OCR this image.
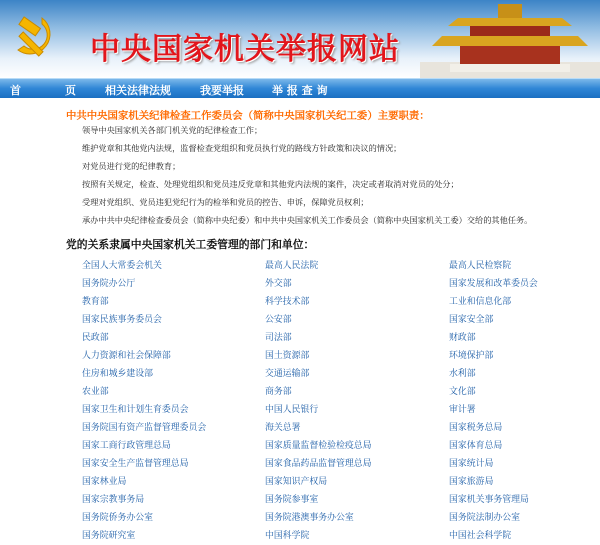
中央国家机关举报网站
首　　　　页	相关法律法规	我要举报	举 报 查 询
中共中央国家机关纪律检查工作委员会（简称中央国家机关纪工委）主要职责：
领导中央国家机关各部门机关党的纪律检查工作；
维护党章和其他党内法规，监督检查党组织和党员执行党的路线方针政策和决议的情况；
对党员进行党的纪律教育；
按照有关规定，检查、处理党组织和党员违反党章和其他党内法规的案件，决定或者取消对党员的处分；
受理对党组织、党员违犯党纪行为的检举和党员的控告、申诉，保障党员权利；
承办中共中央纪律检查委员会（简称中央纪委）和中共中央国家机关工作委员会（简称中央国家机关工委）交给的其他任务。
党的关系隶属中央国家机关工委管理的部门和单位：
全国人大常委会机关	最高人民法院	最高人民检察院
国务院办公厅	外交部	国家发展和改革委员会
教育部	科学技术部	工业和信息化部
国家民族事务委员会	公安部	国家安全部
民政部	司法部	财政部
人力资源和社会保障部	国土资源部	环境保护部
住房和城乡建设部	交通运输部	水利部
农业部	商务部	文化部
国家卫生和计划生育委员会	中国人民银行	审计署
国务院国有资产监督管理委员会	海关总署	国家税务总局
国家工商行政管理总局	国家质量监督检验检疫总局	国家体育总局
国家安全生产监督管理总局	国家食品药品监督管理总局	国家统计局
国家林业局	国家知识产权局	国家旅游局
国家宗教事务局	国务院参事室	国家机关事务管理局
国务院侨务办公室	国务院港澳事务办公室	国务院法制办公室
国务院研究室	中国科学院	中国社会科学院
